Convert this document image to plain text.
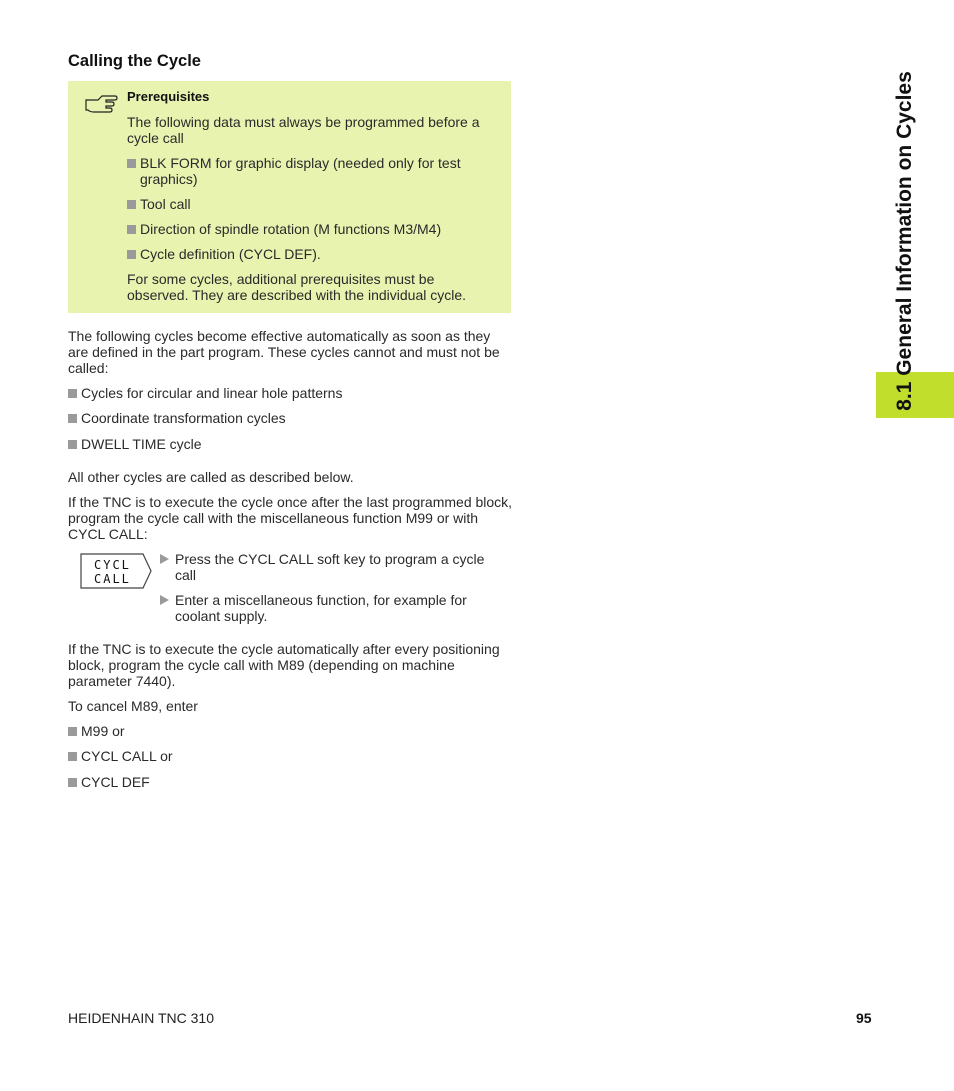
Calling the Cycle
Prerequisites

The following data must always be programmed before a cycle call

BLK FORM for graphic display (needed only for test graphics)
Tool call
Direction of spindle rotation (M functions M3/M4)
Cycle definition (CYCL DEF).

For some cycles, additional prerequisites must be observed. They are described with the individual cycle.

The following cycles become effective automatically as soon as they are defined in the part program. These cycles cannot and must not be called:

Cycles for circular and linear hole patterns
Coordinate transformation cycles
DWELL TIME cycle

All other cycles are called as described below.

If the TNC is to execute the cycle once after the last programmed block, program the cycle call with the miscellaneous function M99 or with CYCL CALL:

CYCL
CALL
Press the CYCL CALL soft key to program a cycle call
Enter a miscellaneous function, for example for coolant supply.

If the TNC is to execute the cycle automatically after every positioning block, program the cycle call with M89 (depending on machine parameter 7440).

To cancel M89, enter

M99 or
CYCL CALL or
CYCL DEF
8.1 General Information on Cycles
HEIDENHAIN TNC 310	95
